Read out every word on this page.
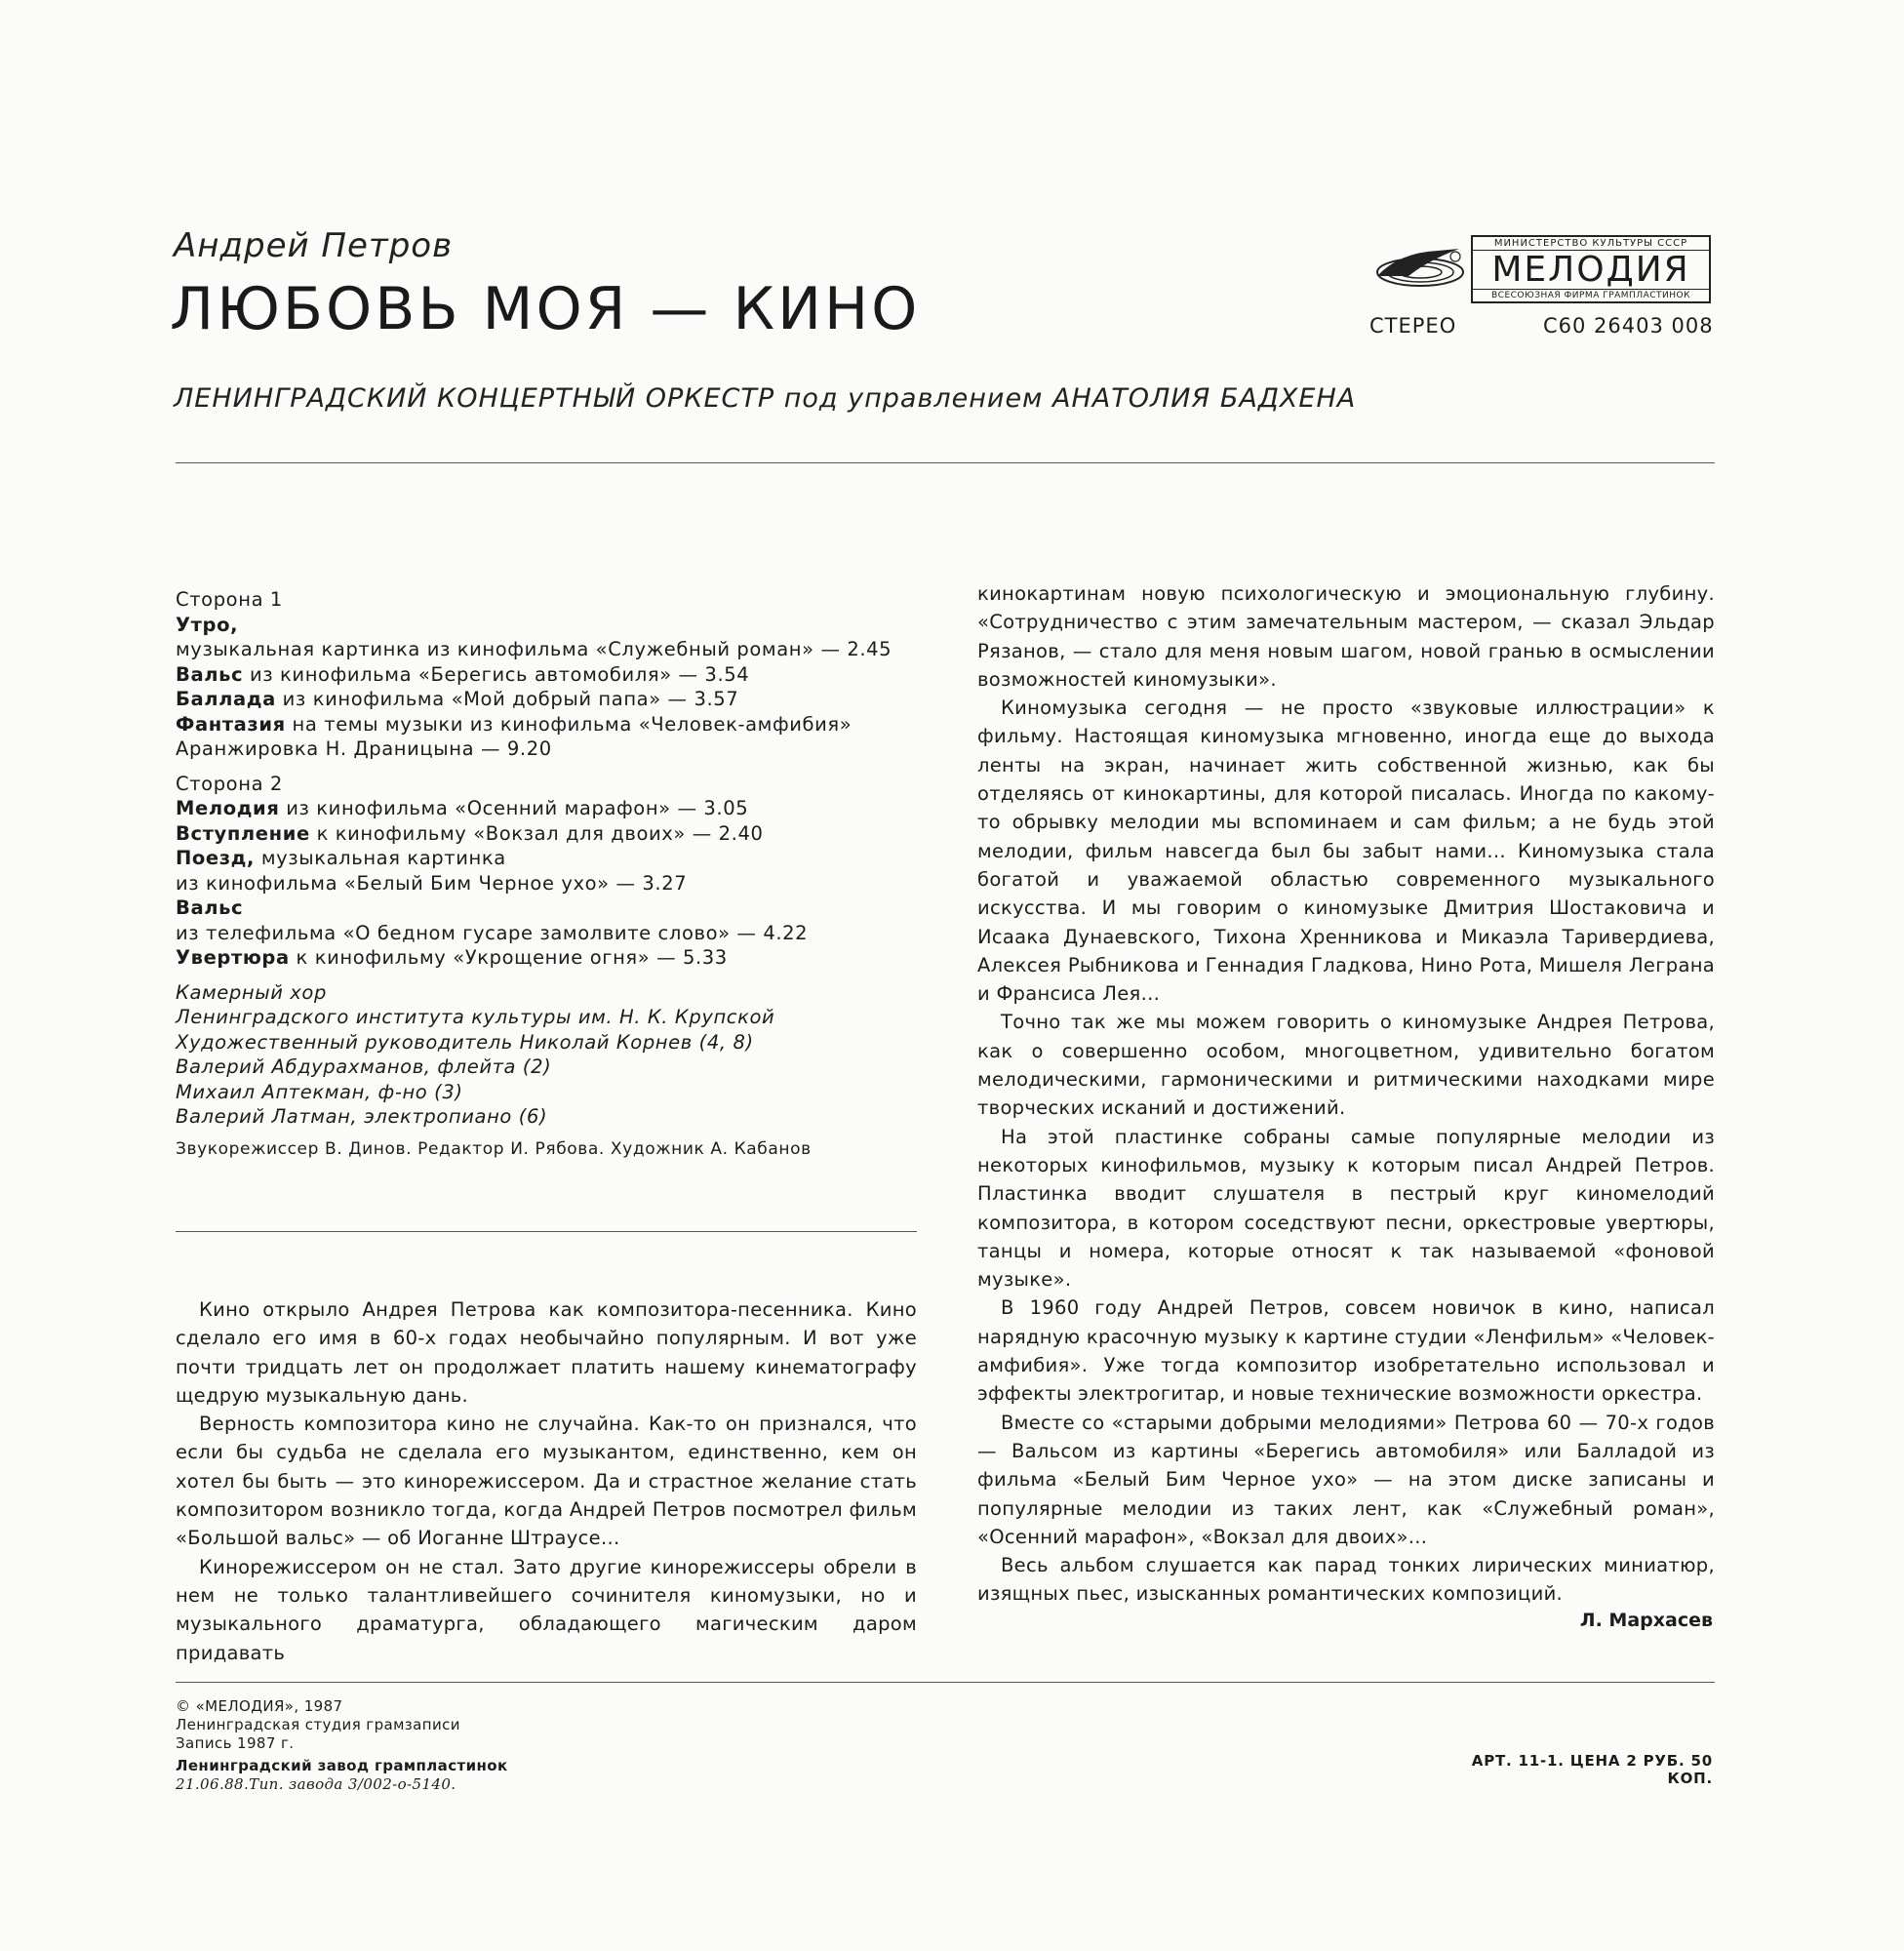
Андрей Петров
ЛЮБОВЬ МОЯ — КИНО
ЛЕНИНГРАДСКИЙ КОНЦЕРТНЫЙ ОРКЕСТР под управлением АНАТОЛИЯ БАДХЕНА
МИНИСТЕРСТВО КУЛЬТУРЫ СССР
МЕЛОДИЯ
ВСЕСОЮЗНАЯ ФИРМА ГРАМПЛАСТИНОК
СТЕРЕО	С60 26403 008
Сторона 1
Утро,
музыкальная картинка из кинофильма «Служебный роман» — 2.45
Вальс из кинофильма «Берегись автомобиля» — 3.54
Баллада из кинофильма «Мой добрый папа» — 3.57
Фантазия на темы музыки из кинофильма «Человек-амфибия»
Аранжировка Н. Драницына — 9.20
Сторона 2
Мелодия из кинофильма «Осенний марафон» — 3.05
Вступление к кинофильму «Вокзал для двоих» — 2.40
Поезд, музыкальная картинка
из кинофильма «Белый Бим Черное ухо» — 3.27
Вальс
из телефильма «О бедном гусаре замолвите слово» — 4.22
Увертюра к кинофильму «Укрощение огня» — 5.33
Камерный хор
Ленинградского института культуры им. Н. К. Крупской
Художественный руководитель Николай Корнев (4, 8)
Валерий Абдурахманов, флейта (2)
Михаил Аптекман, ф-но (3)
Валерий Латман, электропиано (6)
Звукорежиссер В. Динов. Редактор И. Рябова. Художник А. Кабанов

Кино открыло Андрея Петрова как композитора-песенника. Кино сделало его имя в 60-х годах необычайно популярным. И вот уже почти тридцать лет он продолжает платить нашему кинематографу щедрую музыкальную дань.

Верность композитора кино не случайна. Как-то он признался, что если бы судьба не сделала его музыкантом, единственно, кем он хотел бы быть — это кинорежиссером. Да и страстное желание стать композитором возникло тогда, когда Андрей Петров посмотрел фильм «Большой вальс» — об Иоганне Штраусе...

Кинорежиссером он не стал. Зато другие кинорежиссеры обрели в нем не только талантливейшего сочинителя киномузыки, но и музыкального драматурга, обладающего магическим даром придавать

кинокартинам новую психологическую и эмоциональную глубину. «Сотрудничество с этим замечательным мастером, — сказал Эльдар Рязанов, — стало для меня новым шагом, новой гранью в осмыслении возможностей киномузыки».

Киномузыка сегодня — не просто «звуковые иллюстрации» к фильму. Настоящая киномузыка мгновенно, иногда еще до выхода ленты на экран, начинает жить собственной жизнью, как бы отделяясь от кинокартины, для которой писалась. Иногда по какому-то обрывку мелодии мы вспоминаем и сам фильм; а не будь этой мелодии, фильм навсегда был бы забыт нами... Киномузыка стала богатой и уважаемой областью современного музыкального искусства. И мы говорим о киномузыке Дмитрия Шостаковича и Исаака Дунаевского, Тихона Хренникова и Микаэла Таривердиева, Алексея Рыбникова и Геннадия Гладкова, Нино Рота, Мишеля Леграна и Франсиса Лея...

Точно так же мы можем говорить о киномузыке Андрея Петрова, как о совершенно особом, многоцветном, удивительно богатом мелодическими, гармоническими и ритмическими находками мире творческих исканий и достижений.

На этой пластинке собраны самые популярные мелодии из некоторых кинофильмов, музыку к которым писал Андрей Петров. Пластинка вводит слушателя в пестрый круг киномелодий композитора, в котором соседствуют песни, оркестровые увертюры, танцы и номера, которые относят к так называемой «фоновой музыке».

В 1960 году Андрей Петров, совсем новичок в кино, написал нарядную красочную музыку к картине студии «Ленфильм» «Человек-амфибия». Уже тогда композитор изобретательно использовал и эффекты электрогитар, и новые технические возможности оркестра.

Вместе со «старыми добрыми мелодиями» Петрова 60 — 70-х годов — Вальсом из картины «Берегись автомобиля» или Балладой из фильма «Белый Бим Черное ухо» — на этом диске записаны и популярные мелодии из таких лент, как «Служебный роман», «Осенний марафон», «Вокзал для двоих»...

Весь альбом слушается как парад тонких лирических миниатюр, изящных пьес, изысканных романтических композиций.

Л. Мархасев
© «МЕЛОДИЯ», 1987
Ленинградская студия грамзаписи
Запись 1987 г.
Ленинградский завод грампластинок
21.06.88.Тип. завода 3/002-о-5140.
АРТ. 11-1. ЦЕНА 2 РУБ. 50 КОП.
